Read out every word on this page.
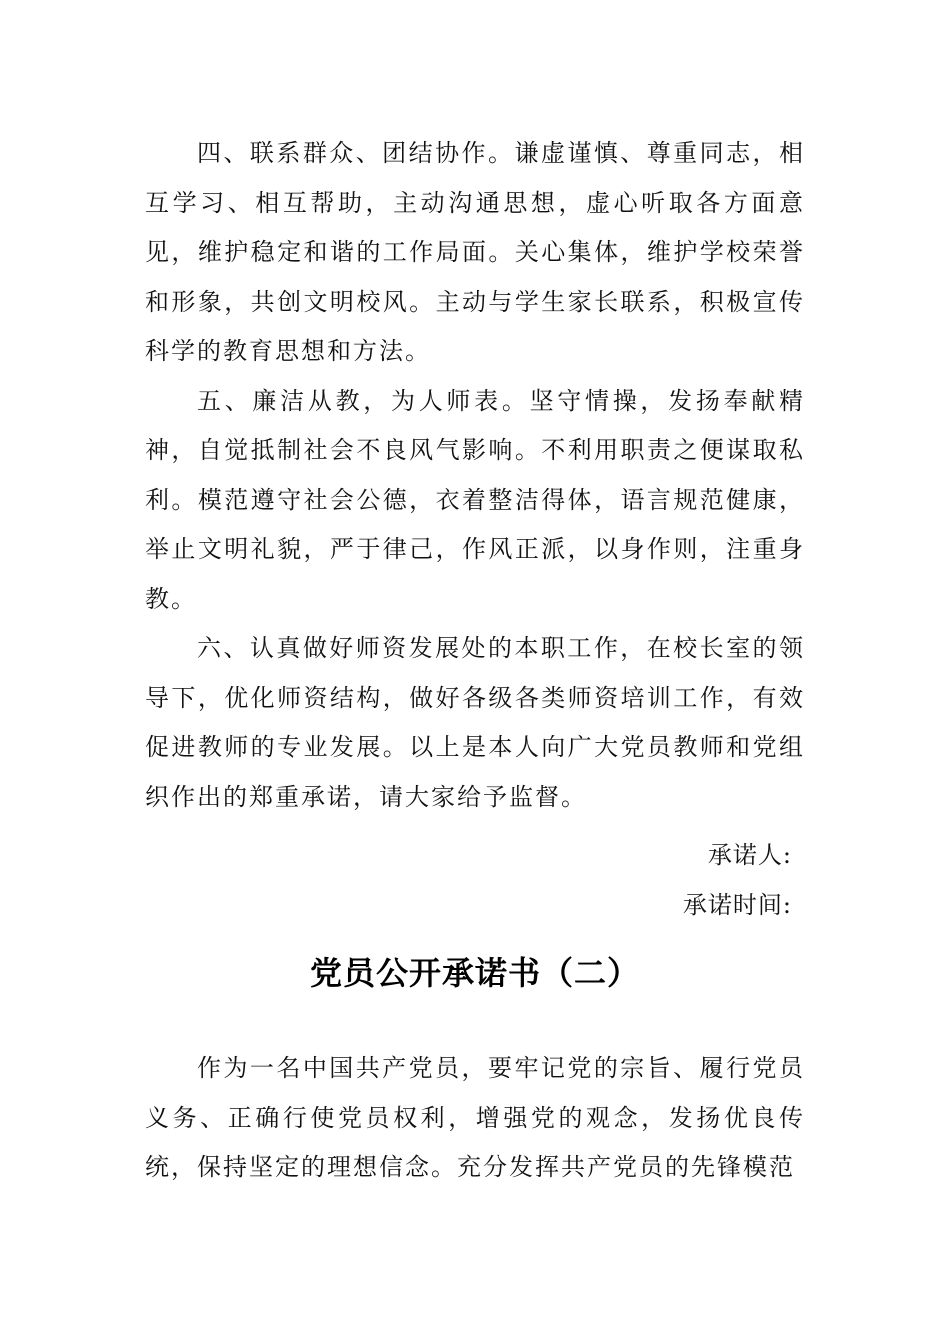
四、联系群众、团结协作。谦虚谨慎、尊重同志，相互学习、相互帮助，主动沟通思想，虚心听取各方面意见，维护稳定和谐的工作局面。关心集体，维护学校荣誉和形象，共创文明校风。主动与学生家长联系，积极宣传科学的教育思想和方法。

五、廉洁从教，为人师表。坚守情操，发扬奉献精神，自觉抵制社会不良风气影响。不利用职责之便谋取私利。模范遵守社会公德，衣着整洁得体，语言规范健康，举止文明礼貌，严于律己，作风正派，以身作则，注重身教。

六、认真做好师资发展处的本职工作，在校长室的领导下，优化师资结构，做好各级各类师资培训工作，有效促进教师的专业发展。以上是本人向广大党员教师和党组织作出的郑重承诺，请大家给予监督。

承诺人:

承诺时间:

党员公开承诺书（二）

作为一名中国共产党员，要牢记党的宗旨、履行党员义务、正确行使党员权利，增强党的观念，发扬优良传统，保持坚定的理想信念。充分发挥共产党员的先锋模范
